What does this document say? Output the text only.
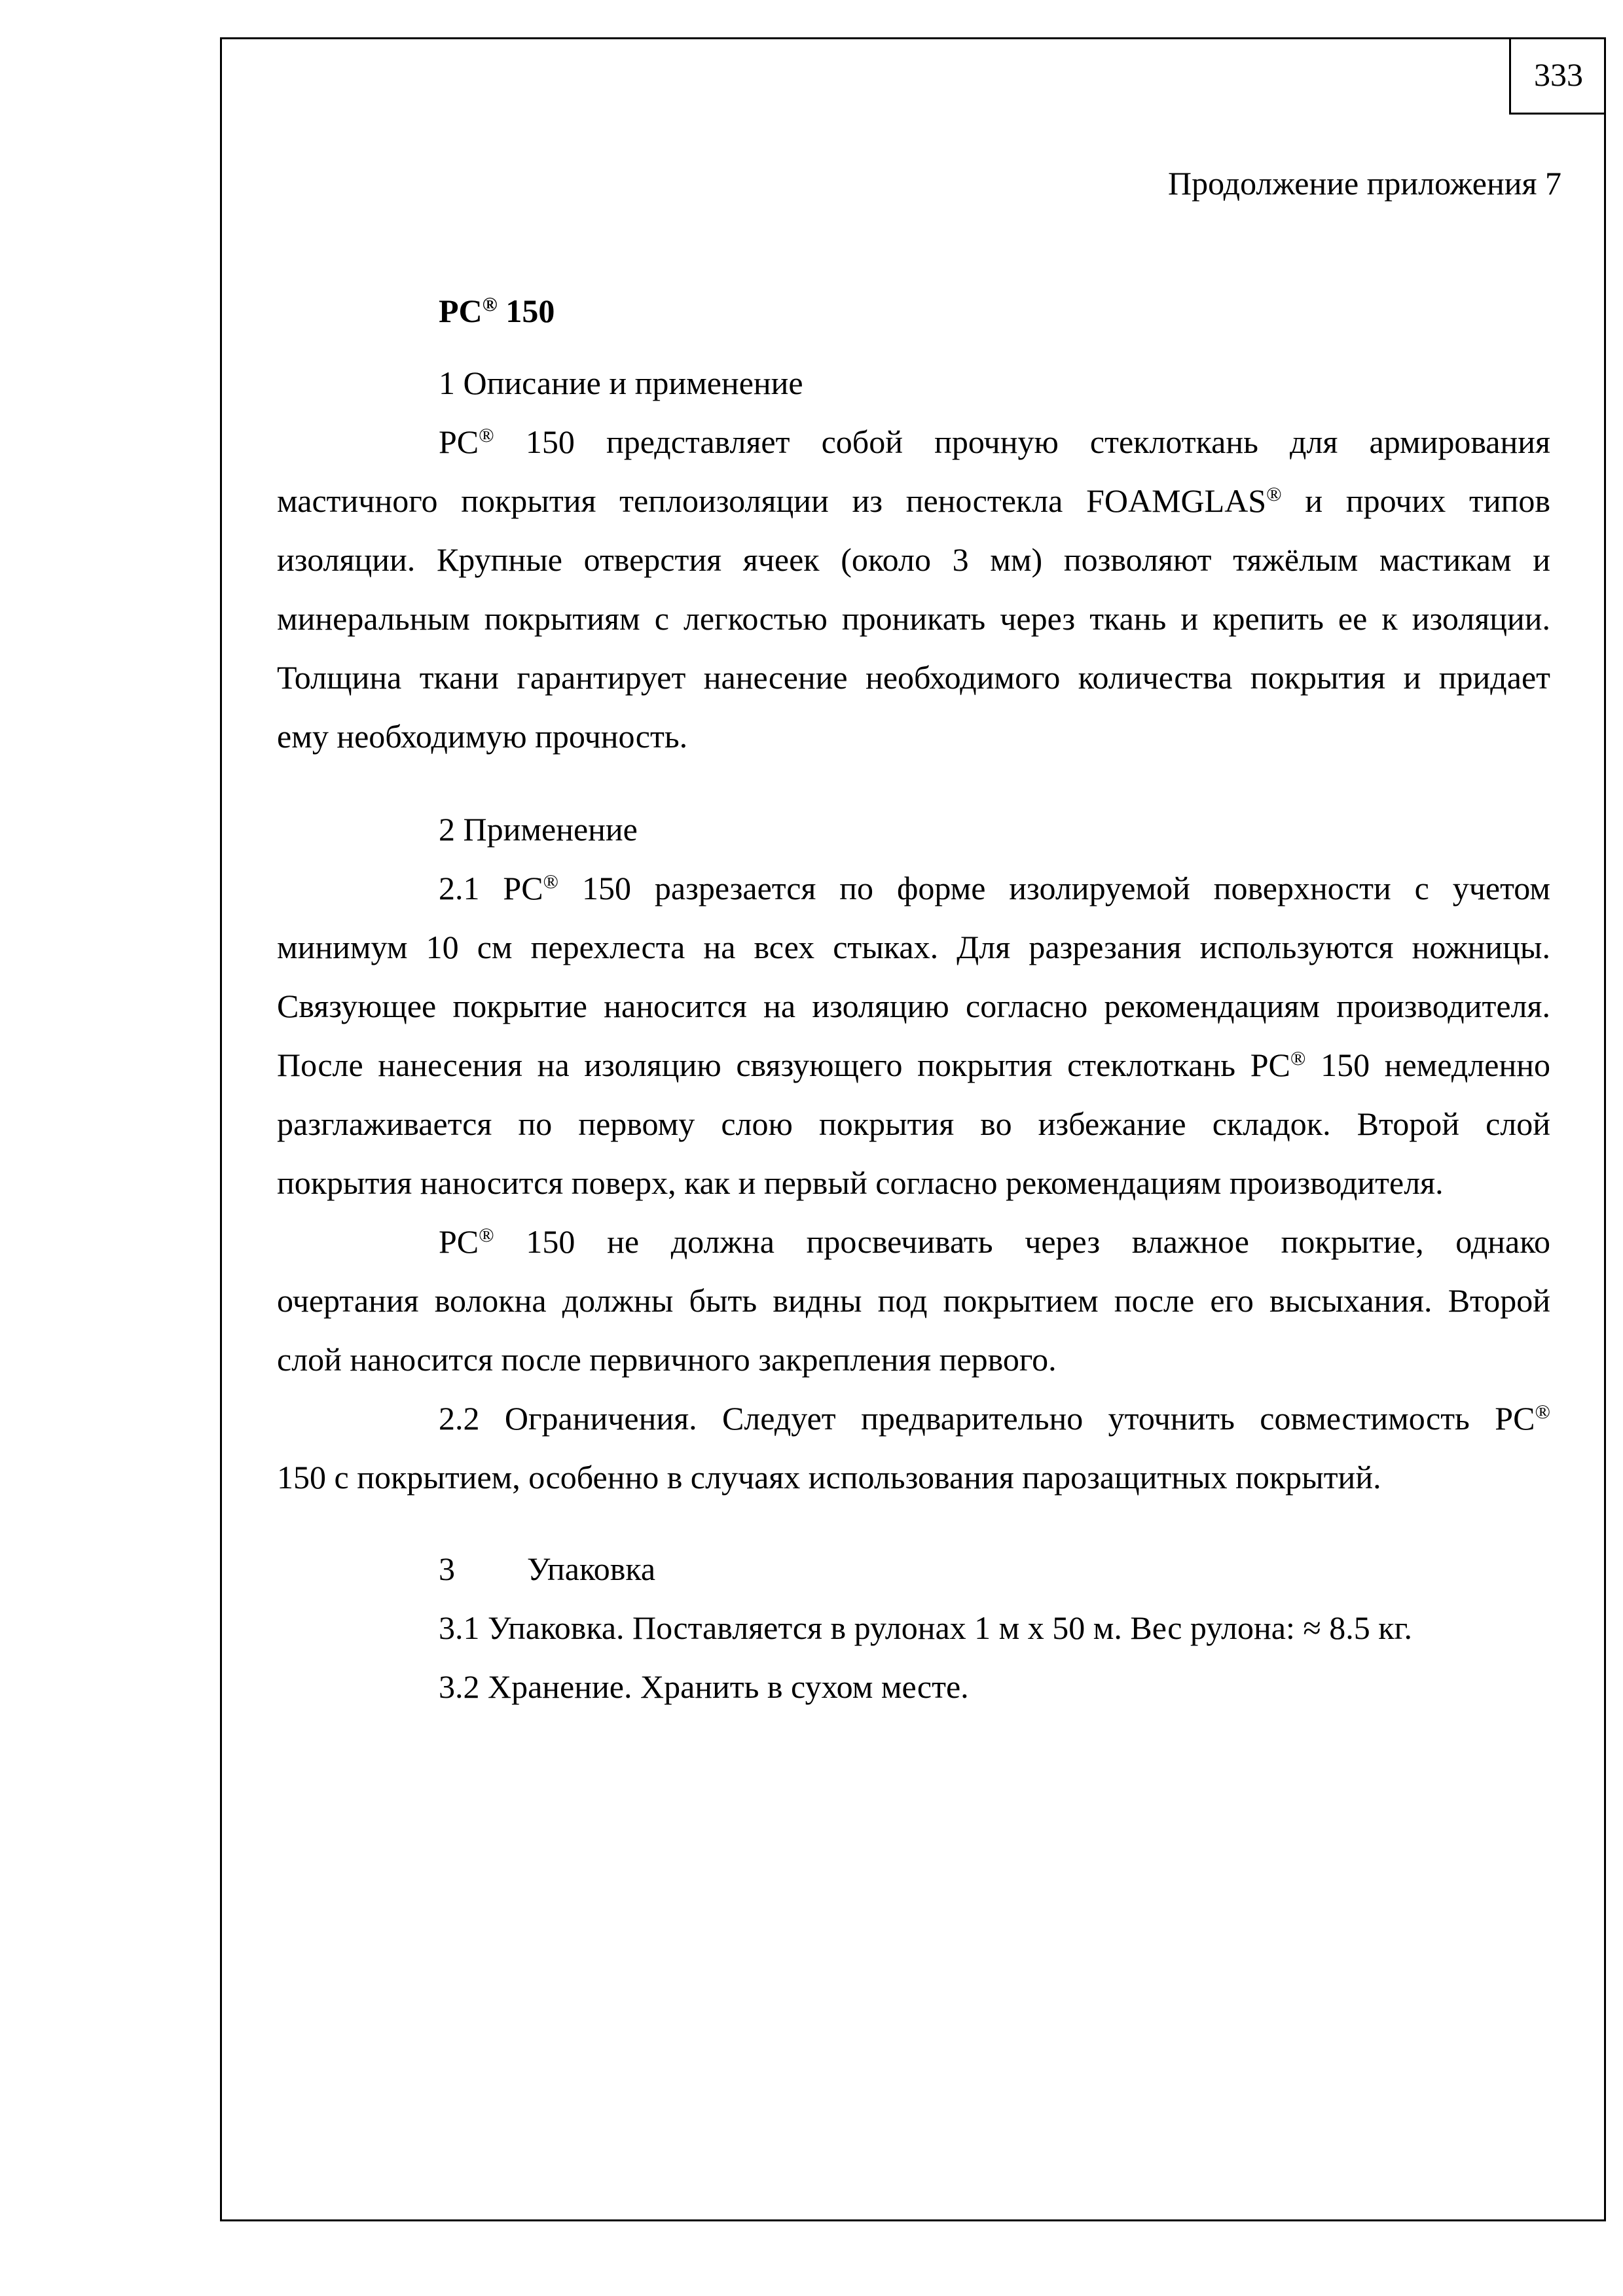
333
Продолжение приложения 7
PC® 150
1 Описание и применение
PC® 150 представляет собой прочную стеклоткань для армирования
мастичного покрытия теплоизоляции из пеностекла FOAMGLAS® и прочих типов
изоляции. Крупные отверстия ячеек (около 3 мм) позволяют тяжёлым мастикам и
минеральным покрытиям с легкостью проникать через ткань и крепить ее к изоляции.
Толщина ткани гарантирует нанесение необходимого количества покрытия и придает
ему необходимую прочность.
2 Применение
2.1 PC® 150 разрезается по форме изолируемой поверхности с учетом
минимум 10 см перехлеста на всех стыках. Для разрезания используются ножницы.
Связующее покрытие наносится на изоляцию согласно рекомендациям производителя.
После нанесения на изоляцию связующего покрытия стеклоткань PC® 150 немедленно
разглаживается по первому слою покрытия во избежание складок. Второй слой
покрытия наносится поверх, как и первый согласно рекомендациям производителя.
PC® 150 не должна просвечивать через влажное покрытие, однако
очертания волокна должны быть видны под покрытием после его высыхания. Второй
слой наносится после первичного закрепления первого.
2.2 Ограничения. Следует предварительно уточнить совместимость PC®
150 с покрытием, особенно в случаях использования парозащитных покрытий.
3 Упаковка
3.1 Упаковка. Поставляется в рулонах 1 м х 50 м. Вес рулона: ≈ 8.5 кг.
3.2 Хранение. Хранить в сухом месте.
